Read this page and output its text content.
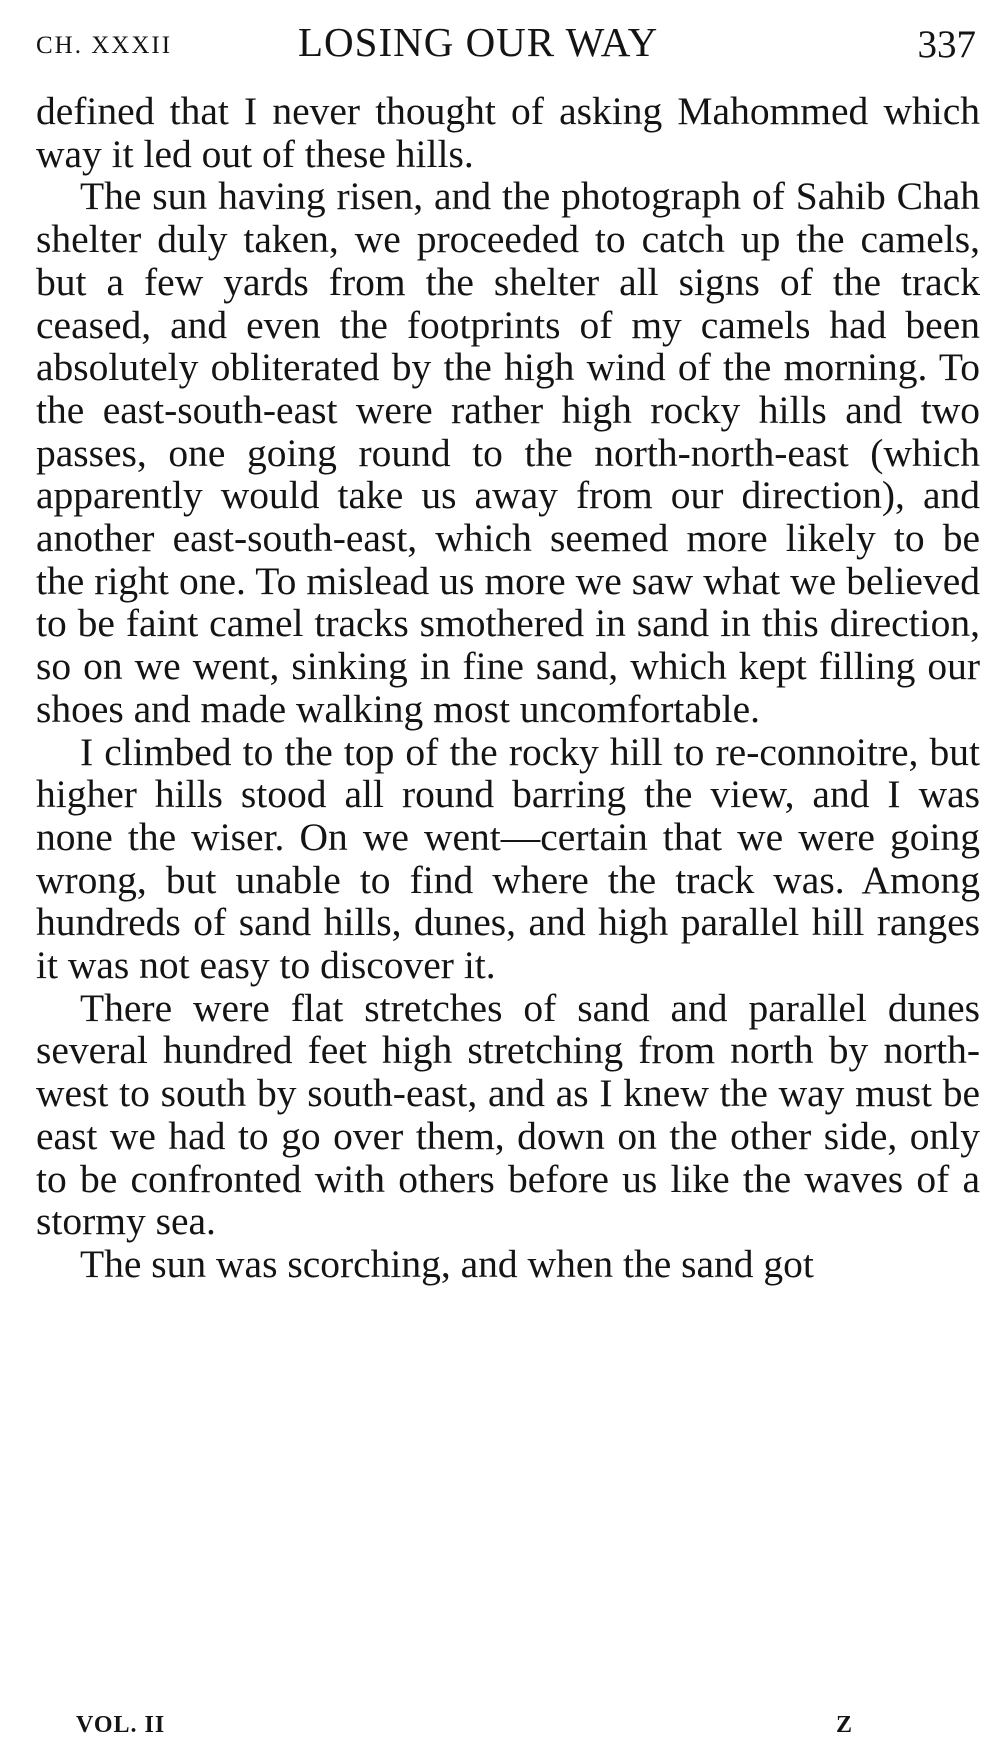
CH. XXXII	LOSING OUR WAY	337

defined that I never thought of asking Mahommed which way it led out of these hills.

The sun having risen, and the photograph of Sahib Chah shelter duly taken, we proceeded to catch up the camels, but a few yards from the shelter all signs of the track ceased, and even the footprints of my camels had been absolutely obliterated by the high wind of the morning. To the east-south-east were rather high rocky hills and two passes, one going round to the north-north-east (which apparently would take us away from our direction), and another east-south-east, which seemed more likely to be the right one. To mislead us more we saw what we believed to be faint camel tracks smothered in sand in this direction, so on we went, sinking in fine sand, which kept filling our shoes and made walking most uncomfortable.

I climbed to the top of the rocky hill to re-connoitre, but higher hills stood all round barring the view, and I was none the wiser. On we went—certain that we were going wrong, but unable to find where the track was. Among hundreds of sand hills, dunes, and high parallel hill ranges it was not easy to discover it.

There were flat stretches of sand and parallel dunes several hundred feet high stretching from north by north-west to south by south-east, and as I knew the way must be east we had to go over them, down on the other side, only to be confronted with others before us like the waves of a stormy sea.

The sun was scorching, and when the sand got

VOL. II	Z
